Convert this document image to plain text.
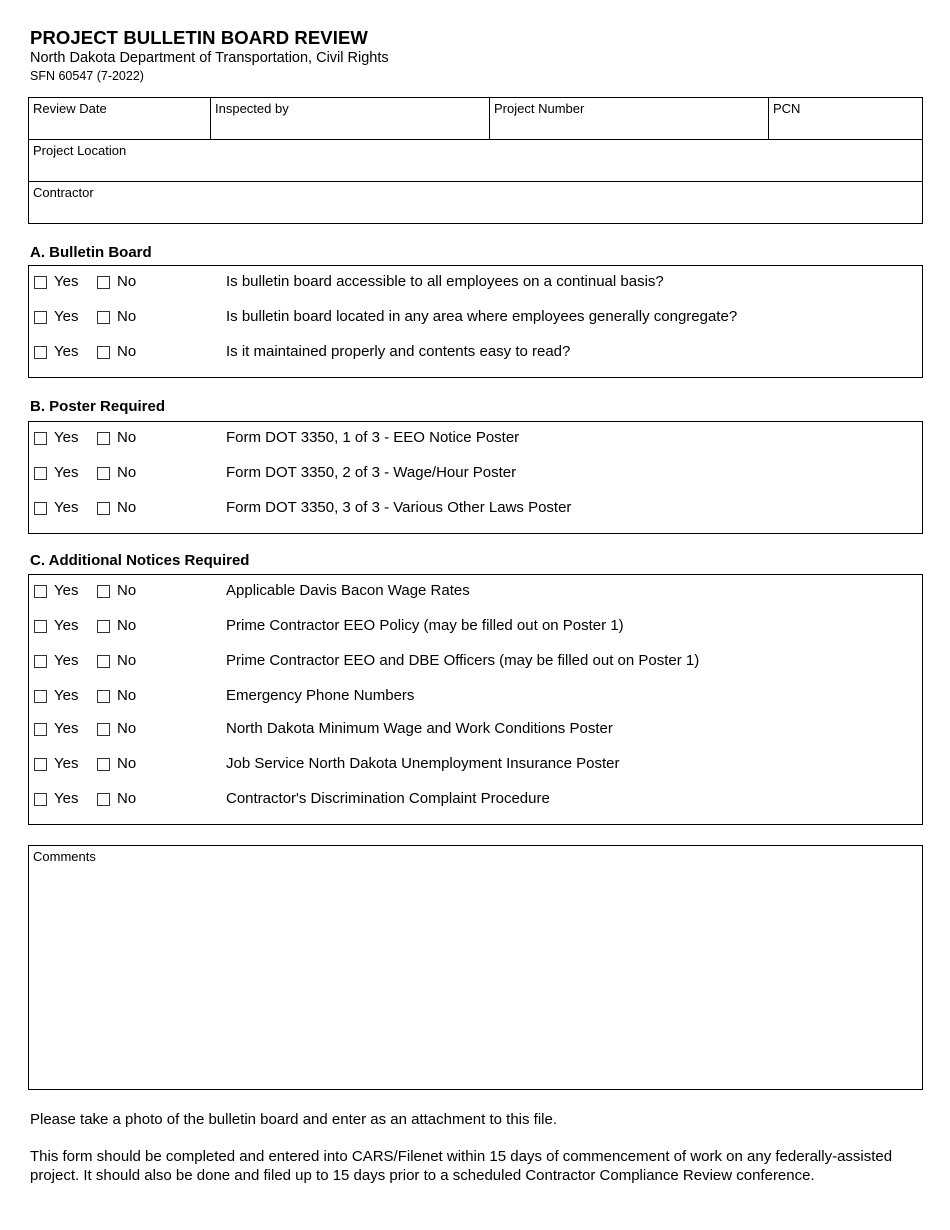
PROJECT BULLETIN BOARD REVIEW
North Dakota Department of Transportation, Civil Rights
SFN 60547 (7-2022)
Review Date	Inspected by	Project Number	PCN
Project Location
Contractor
A. Bulletin Board
Yes	No	Is bulletin board accessible to all employees on a continual basis?
Yes	No	Is bulletin board located in any area where employees generally congregate?
Yes	No	Is it maintained properly and contents easy to read?
B. Poster Required
Yes	No	Form DOT 3350, 1 of 3 - EEO Notice Poster
Yes	No	Form DOT 3350, 2 of 3 - Wage/Hour Poster
Yes	No	Form DOT 3350, 3 of 3 - Various Other Laws Poster
C. Additional Notices Required
Yes	No	Applicable Davis Bacon Wage Rates
Yes	No	Prime Contractor EEO Policy (may be filled out on Poster 1)
Yes	No	Prime Contractor EEO and DBE Officers (may be filled out on Poster 1)
Yes	No	Emergency Phone Numbers
Yes	No	North Dakota Minimum Wage and Work Conditions Poster
Yes	No	Job Service North Dakota Unemployment Insurance Poster
Yes	No	Contractor's Discrimination Complaint Procedure
Comments
Please take a photo of the bulletin board and enter as an attachment to this file.
This form should be completed and entered into CARS/Filenet within 15 days of commencement of work on any federally-assisted project. It should also be done and filed up to 15 days prior to a scheduled Contractor Compliance Review conference.
